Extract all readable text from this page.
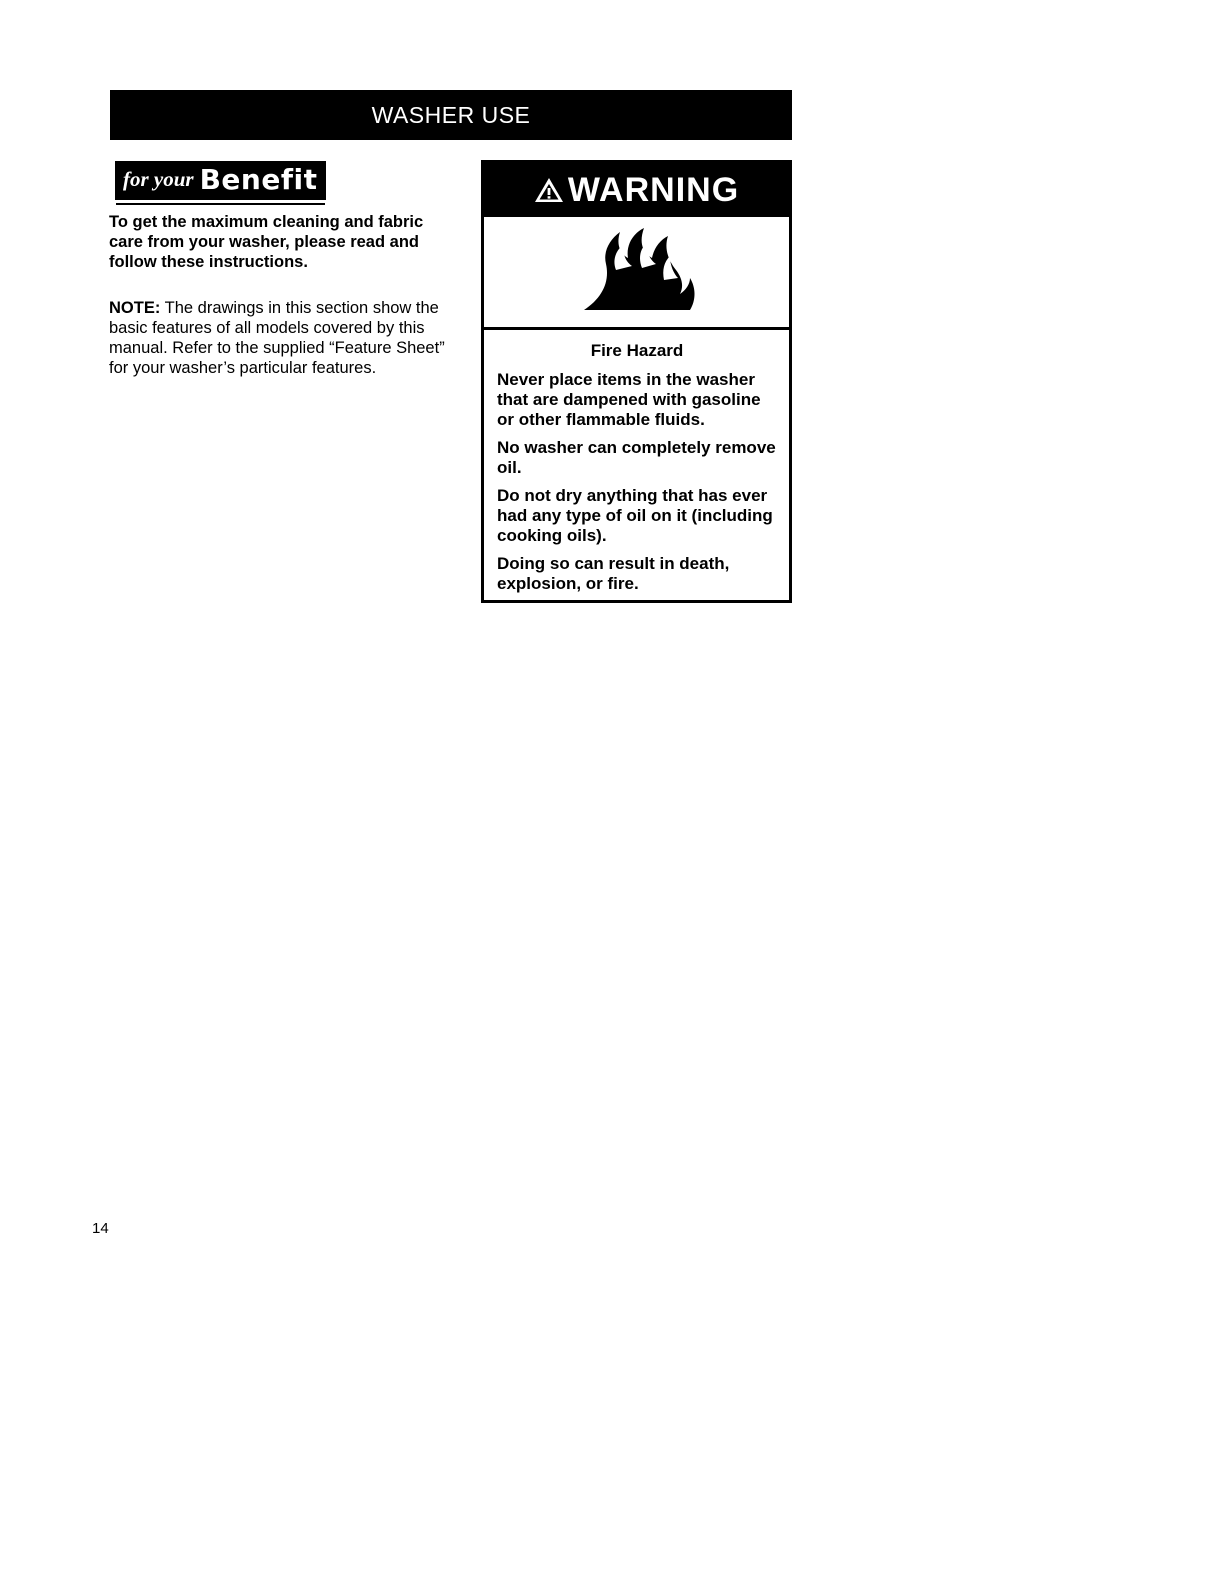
WASHER USE
for your Benefit

To get the maximum cleaning and fabric care from your washer, please read and follow these instructions.

NOTE: The drawings in this section show the basic features of all models covered by this manual. Refer to the supplied “Feature Sheet” for your washer’s particular features.

WARNING
Fire Hazard

Never place items in the washer that are dampened with gasoline or other flammable fluids.

No washer can completely remove oil.

Do not dry anything that has ever had any type of oil on it (including cooking oils).

Doing so can result in death, explosion, or fire.

14
